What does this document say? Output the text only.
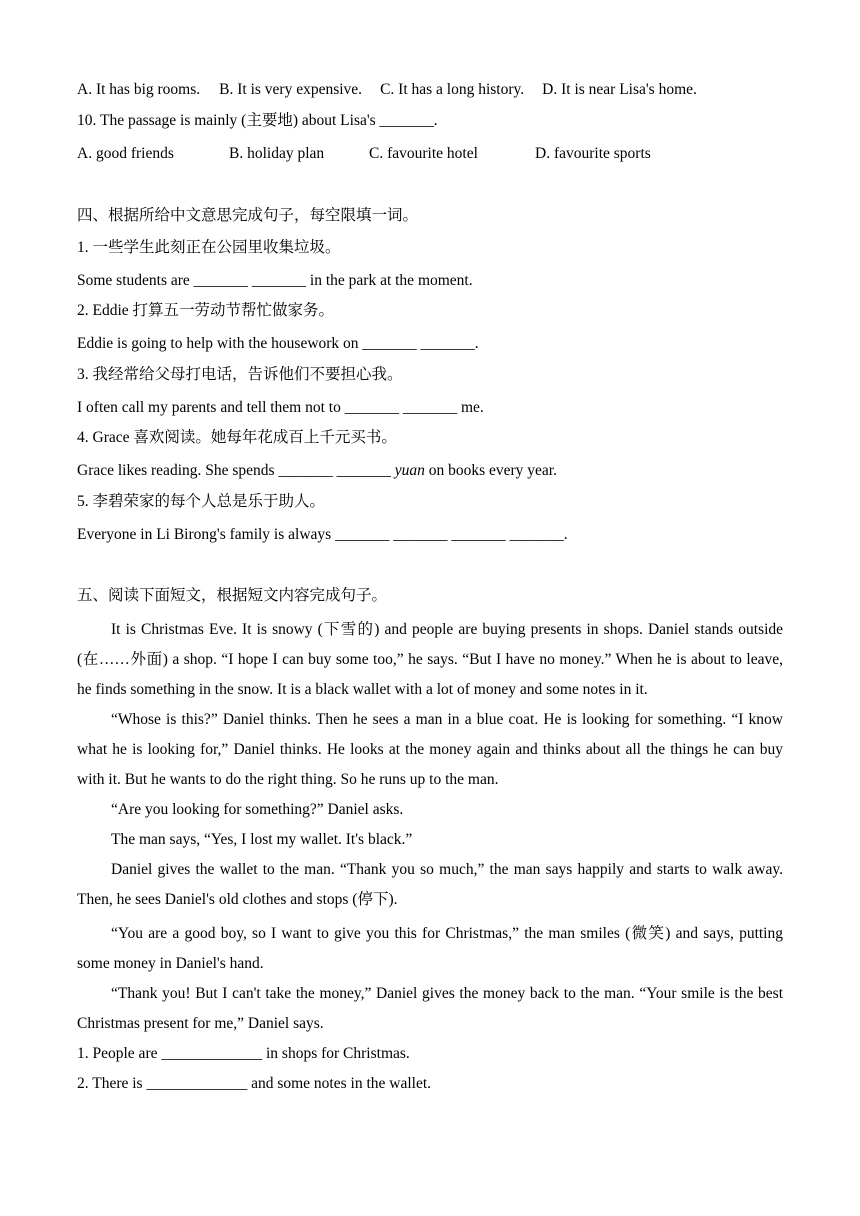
A. It has big rooms. B. It is very expensive. C. It has a long history. D. It is near Lisa's home.
10. The passage is mainly (主要地) about Lisa's _______.
A. good friends	B. holiday plan	C. favourite hotel	D. favourite sports
四、根据所给中文意思完成句子，每空限填一词。
1. 一些学生此刻正在公园里收集垃圾。
Some students are _______ _______ in the park at the moment.
2. Eddie 打算五一劳动节帮忙做家务。
Eddie is going to help with the housework on _______ _______.
3. 我经常给父母打电话，告诉他们不要担心我。
I often call my parents and tell them not to _______ _______ me.
4. Grace 喜欢阅读。她每年花成百上千元买书。
Grace likes reading. She spends _______ _______ yuan on books every year.
5. 李碧荣家的每个人总是乐于助人。
Everyone in Li Birong's family is always _______ _______ _______ _______.
五、阅读下面短文，根据短文内容完成句子。

It is Christmas Eve. It is snowy (下雪的) and people are buying presents in shops. Daniel stands outside (在……外面) a shop. “I hope I can buy some too,” he says. “But I have no money.” When he is about to leave, he finds something in the snow. It is a black wallet with a lot of money and some notes in it.

“Whose is this?” Daniel thinks. Then he sees a man in a blue coat. He is looking for something. “I know what he is looking for,” Daniel thinks. He looks at the money again and thinks about all the things he can buy with it. But he wants to do the right thing. So he runs up to the man.

“Are you looking for something?” Daniel asks.

The man says, “Yes, I lost my wallet. It's black.”

Daniel gives the wallet to the man. “Thank you so much,” the man says happily and starts to walk away. Then, he sees Daniel's old clothes and stops (停下).

“You are a good boy, so I want to give you this for Christmas,” the man smiles (微笑) and says, putting some money in Daniel's hand.

“Thank you! But I can't take the money,” Daniel gives the money back to the man. “Your smile is the best Christmas present for me,” Daniel says.

1. People are _____________ in shops for Christmas.

2. There is _____________ and some notes in the wallet.
